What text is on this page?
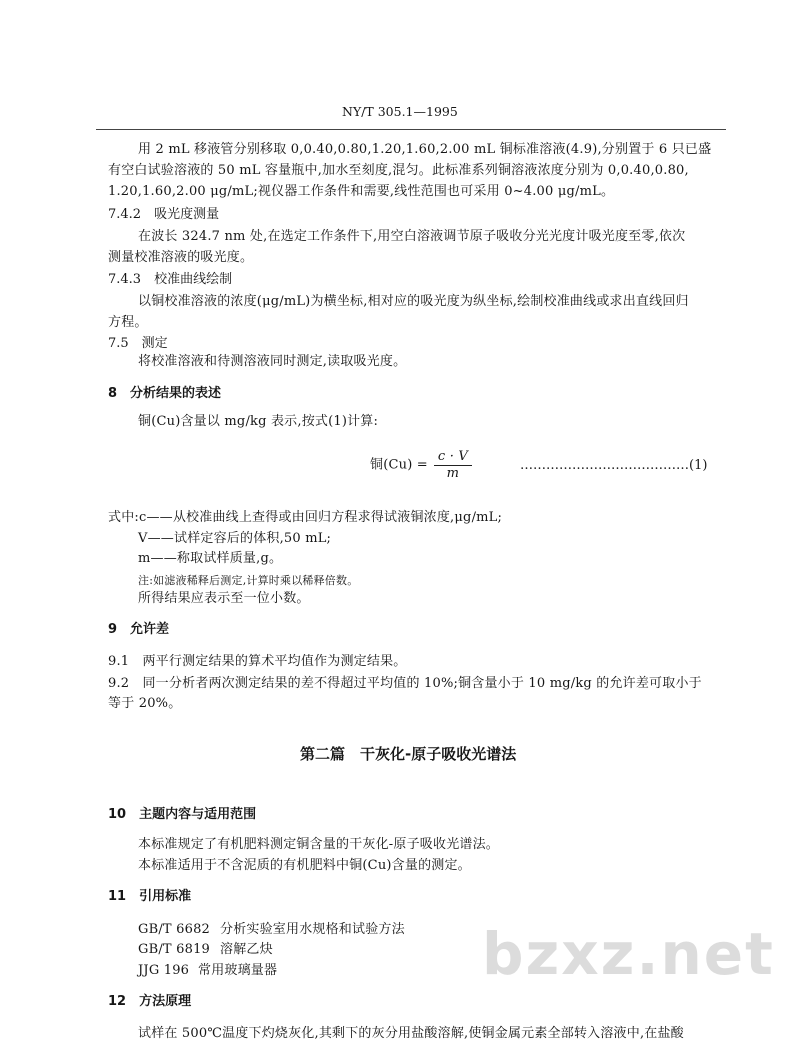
NY/T 305.1—1995
用 2 mL 移液管分别移取 0,0.40,0.80,1.20,1.60,2.00 mL 铜标准溶液(4.9),分别置于 6 只已盛
有空白试验溶液的 50 mL 容量瓶中,加水至刻度,混匀。此标准系列铜溶液浓度分别为 0,0.40,0.80,
1.20,1.60,2.00 μg/mL;视仪器工作条件和需要,线性范围也可采用 0~4.00 μg/mL。
7.4.2　吸光度测量
在波长 324.7 nm 处,在选定工作条件下,用空白溶液调节原子吸收分光光度计吸光度至零,依次
测量校准溶液的吸光度。
7.4.3　校准曲线绘制
以铜校准溶液的浓度(μg/mL)为横坐标,相对应的吸光度为纵坐标,绘制校准曲线或求出直线回归
方程。
7.5　测定
将校准溶液和待测溶液同时测定,读取吸光度。
8　分析结果的表述
铜(Cu)含量以 mg/kg 表示,按式(1)计算:
铜$(Cu) = \frac{c \cdot V}{m}$	…………………………………(1)
式中:c——从校准曲线上查得或由回归方程求得试液铜浓度,μg/mL;
V——试样定容后的体积,50 mL;
m——称取试样质量,g。
注:如滤液稀释后测定,计算时乘以稀释倍数。
所得结果应表示至一位小数。
9　允许差
9.1　两平行测定结果的算术平均值作为测定结果。
9.2　同一分析者两次测定结果的差不得超过平均值的 10%;铜含量小于 10 mg/kg 的允许差可取小于
等于 20%。
第二篇　干灰化-原子吸收光谱法
10　主题内容与适用范围
本标准规定了有机肥料测定铜含量的干灰化-原子吸收光谱法。
本标准适用于不含泥质的有机肥料中铜(Cu)含量的测定。
11　引用标准
GB/T 6682 分析实验室用水规格和试验方法
GB/T 6819 溶解乙炔
JJG 196 常用玻璃量器
12　方法原理
试样在 500℃温度下灼烧灰化,其剩下的灰分用盐酸溶解,使铜金属元素全部转入溶液中,在盐酸
bzxz.net
